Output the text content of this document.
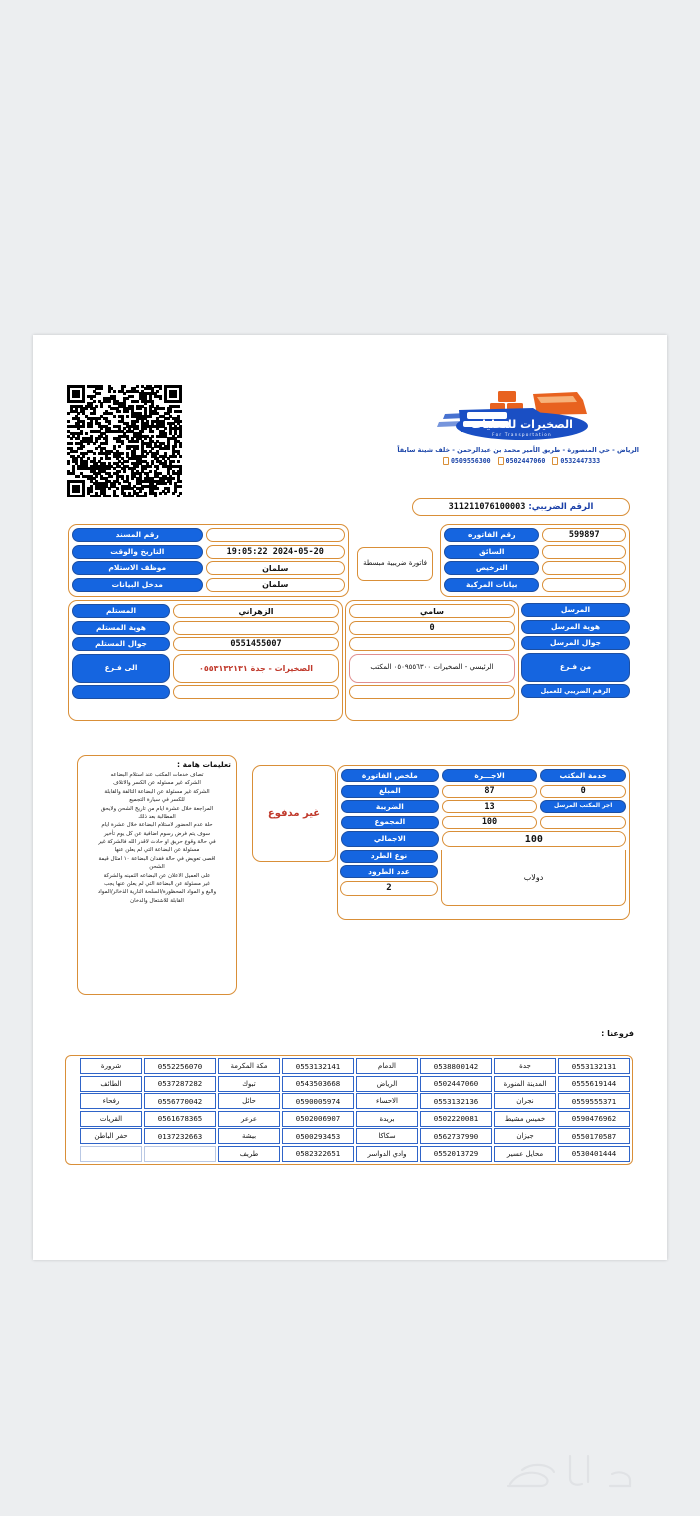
الصخيرات للنقليات
For Transportation
الرياض - حي المنصورة - طريق الأمير محمد بن عبدالرحمن - خلف شينة سابقاً
0509556300 0502447060 0532447333
الرقم الضريبي:
311211076100003
599897
رقم الفاتوره
السائق
الترخيص
بيانات المركبة
فاتورة ضريبية مبسطة
رقم المسند
2024-05-20 19:05:22
التاريخ والوقت
سلمان
موظف الاستلام
سلمان
مدخل البيانات
المرسل
هوية المرسل
جوال المرسل
من فـرع
الرقم الضريبي للعميل
سامي
0
الرئيسي - الصخيرات ٠٥٠٩٥٥٦٣٠٠ المكتب
الزهراني
المستلم
هوية المستلم
0551455007
جوال المستلم
الصخيرات - جدة ٠٥٥٣١٣٢١٣١
الى فـرع
خدمة المكتب
الاجـــرة
ملخص الفاتورة
0
87
المبلغ
اجر المكتب المرسل
13
الضريبة
100
المجموع
100
الاجمالي
دولاب
نوع الطرد
عدد الطرود
2
غير مدفوع
تعليمات هامة :

تصاف خدمات المكتب عند استلام البضاعه

الشركه غير مسئوله عن الكسر والاتلاف

الشركة غير مسئولة عن البضاعة التالفة والقابلة

للكسر في سيارة التجميع

المراجعة خلال عشرة ايام من تاريخ الشحن ولايحق

المطالبة بعد ذلك

حلة عدم الحضور لاستلام البضاعة خلال عشرة ايام

سوف يتم فرض رسوم اضافية عن كل يوم تأخير

في حالة وقوع حريق او حادث لاقدر الله فالشركة غير

مسئولة عن البضاعة التي لم يعلن عنها

اقصى تعويض في حالة فقدان البضاعة ١٠ امثال قيمة

الشحن

على العميل الاعلان عن البضاعه الثمينه والشركة

غير مسئولة عن البضاعة التي لم يعلن عنها يجب

والبغ و المواد المحظورة/السلحة النارية الذخائر/المواد

القابلة للاشتعال والدخان

فروعنا :
0553132131
جدة
0538800142
الدمام
0553132141
مكة المكرمة
0552256070
شرورة
0555619144
المدينة المنورة
0502447060
الرياض
0543503668
تبوك
0537287282
الطائف
0559555371
نجران
0553132136
الاحساء
0590005974
حائل
0556770042
رفحاء
0590476962
خميس مشيط
0502220081
بريدة
0502006907
عرعر
0561678365
القريات
0550170587
جيزان
0562737990
سكاكا
0500293453
بيشة
0137232663
حفر الباطن
0530401444
محايل عسير
0552013729
وادي الدواسر
0582322651
طريف
